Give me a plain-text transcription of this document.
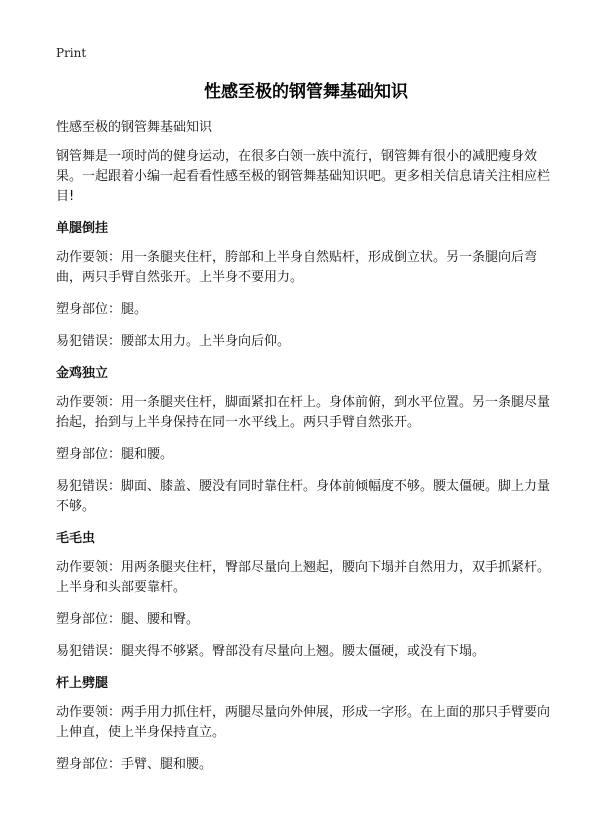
Print
性感至极的钢管舞基础知识

性感至极的钢管舞基础知识

钢管舞是一项时尚的健身运动，在很多白领一族中流行，钢管舞有很小的减肥瘦身效果。一起跟着小编一起看看性感至极的钢管舞基础知识吧。更多相关信息请关注相应栏目!

单腿倒挂

动作要领：用一条腿夹住杆，胯部和上半身自然贴杆，形成倒立状。另一条腿向后弯曲，两只手臂自然张开。上半身不要用力。

塑身部位：腿。

易犯错误：腰部太用力。上半身向后仰。

金鸡独立

动作要领：用一条腿夹住杆，脚面紧扣在杆上。身体前俯，到水平位置。另一条腿尽量抬起，抬到与上半身保持在同一水平线上。两只手臂自然张开。

塑身部位：腿和腰。

易犯错误：脚面、膝盖、腰没有同时靠住杆。身体前倾幅度不够。腰太僵硬。脚上力量不够。

毛毛虫

动作要领：用两条腿夹住杆，臀部尽量向上翘起，腰向下塌并自然用力，双手抓紧杆。上半身和头部要靠杆。

塑身部位：腿、腰和臀。

易犯错误：腿夹得不够紧。臀部没有尽量向上翘。腰太僵硬，或没有下塌。

杆上劈腿

动作要领：两手用力抓住杆，两腿尽量向外伸展，形成一字形。在上面的那只手臂要向上伸直，使上半身保持直立。

塑身部位：手臂、腿和腰。
